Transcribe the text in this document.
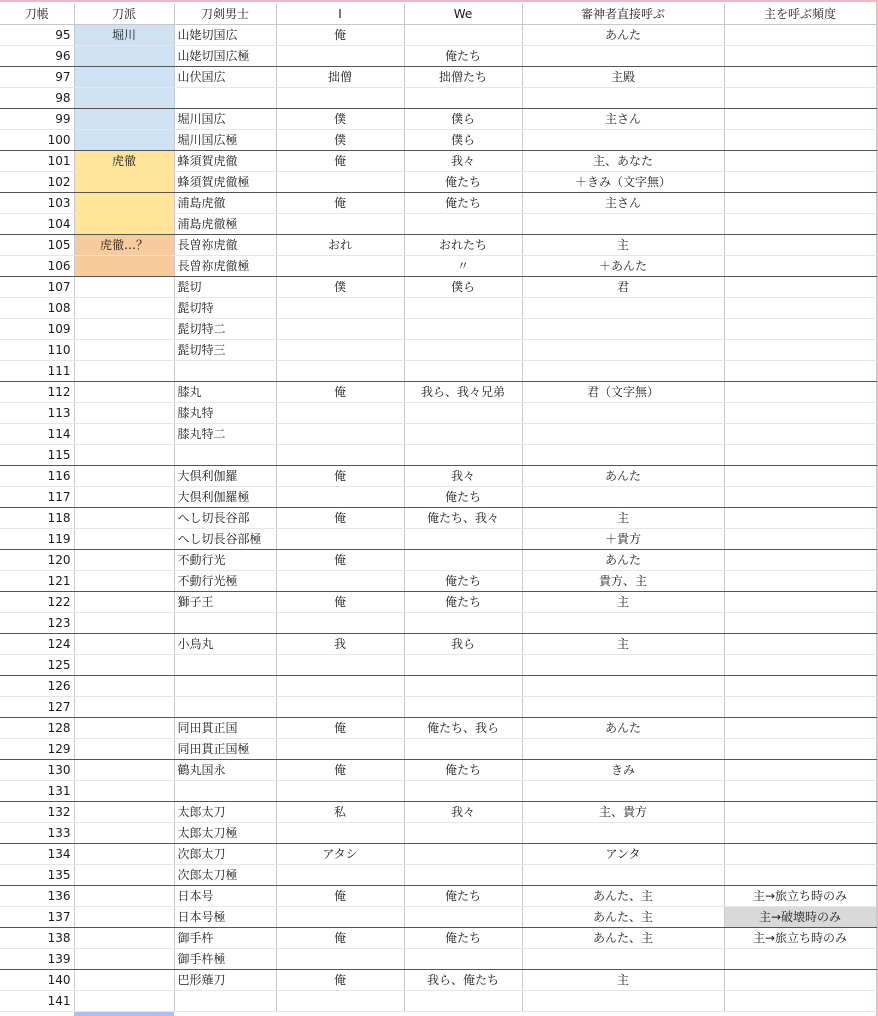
刀帳	刀派	刀剣男士	I	We	審神者直接呼ぶ	主を呼ぶ頻度
95	堀川	山姥切国広	俺		あんた	
96		山姥切国広極		俺たち		
97		山伏国広	拙僧	拙僧たち	主殿	
98						
99		堀川国広	僕	僕ら	主さん	
100		堀川国広極	僕	僕ら		
101	虎徹	蜂須賀虎徹	俺	我々	主、あなた	
102		蜂須賀虎徹極		俺たち	＋きみ（文字無）	
103		浦島虎徹	俺	俺たち	主さん	
104		浦島虎徹極				
105	虎徹…？	長曽祢虎徹	おれ	おれたち	主	
106		長曽祢虎徹極		〃	＋あんた	
107		髭切	僕	僕ら	君	
108		髭切特				
109		髭切特二				
110		髭切特三				
111						
112		膝丸	俺	我ら、我々兄弟	君（文字無）	
113		膝丸特				
114		膝丸特二				
115						
116		大倶利伽羅	俺	我々	あんた	
117		大倶利伽羅極		俺たち		
118		へし切長谷部	俺	俺たち、我々	主	
119		へし切長谷部極			＋貴方	
120		不動行光	俺		あんた	
121		不動行光極		俺たち	貴方、主	
122		獅子王	俺	俺たち	主	
123						
124		小烏丸	我	我ら	主	
125						
126						
127						
128		同田貫正国	俺	俺たち、我ら	あんた	
129		同田貫正国極				
130		鶴丸国永	俺	俺たち	きみ	
131						
132		太郎太刀	私	我々	主、貴方	
133		太郎太刀極				
134		次郎太刀	アタシ		アンタ	
135		次郎太刀極				
136		日本号	俺	俺たち	あんた、主	主→旅立ち時のみ
137		日本号極			あんた、主	主→破壊時のみ
138		御手杵	俺	俺たち	あんた、主	主→旅立ち時のみ
139		御手杵極				
140		巴形薙刀	俺	我ら、俺たち	主	
141						
